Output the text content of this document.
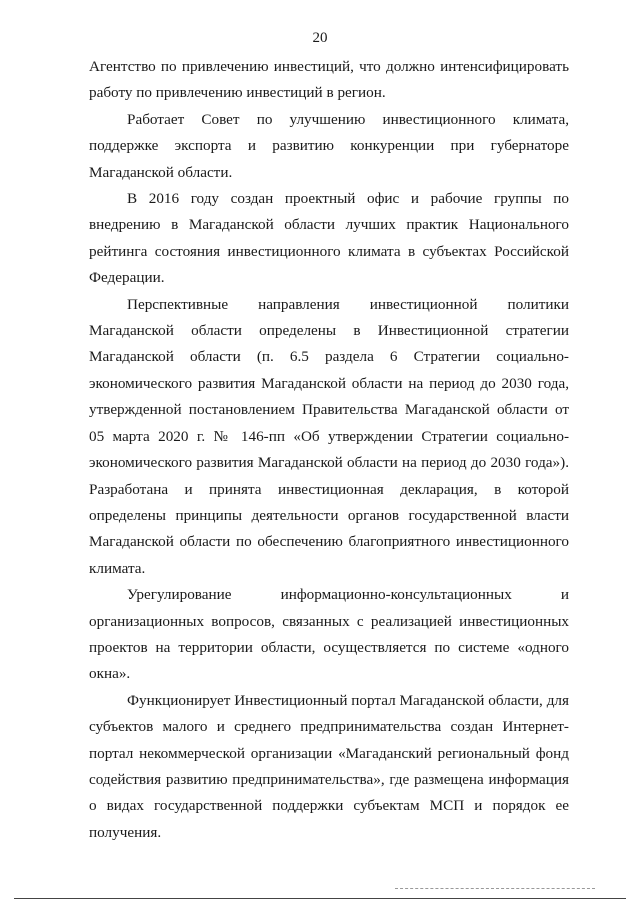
20

Агентство по привлечению инвестиций, что должно интенсифицировать работу по привлечению инвестиций в регион.

Работает Совет по улучшению инвестиционного климата, поддержке экспорта и развитию конкуренции при губернаторе Магаданской области.

В 2016 году создан проектный офис и рабочие группы по внедрению в Магаданской области лучших практик Национального рейтинга состояния инвестиционного климата в субъектах Российской Федерации.

Перспективные направления инвестиционной политики Магаданской области определены в Инвестиционной стратегии Магаданской области (п. 6.5 раздела 6 Стратегии социально-экономического развития Магаданской области на период до 2030 года, утвержденной постановлением Правительства Магаданской области от 05 марта 2020 г. № 146-пп «Об утверждении Стратегии социально-экономического развития Магаданской области на период до 2030 года»). Разработана и принята инвестиционная декларация, в которой определены принципы деятельности органов государственной власти Магаданской области по обеспечению благоприятного инвестиционного климата.

Урегулирование информационно-консультационных и организационных вопросов, связанных с реализацией инвестиционных проектов на территории области, осуществляется по системе «одного окна».

Функционирует Инвестиционный портал Магаданской области, для субъектов малого и среднего предпринимательства создан Интернет-портал некоммерческой организации «Магаданский региональный фонд содействия развитию предпринимательства», где размещена информация о видах государственной поддержки субъектам МСП и порядок ее получения.
